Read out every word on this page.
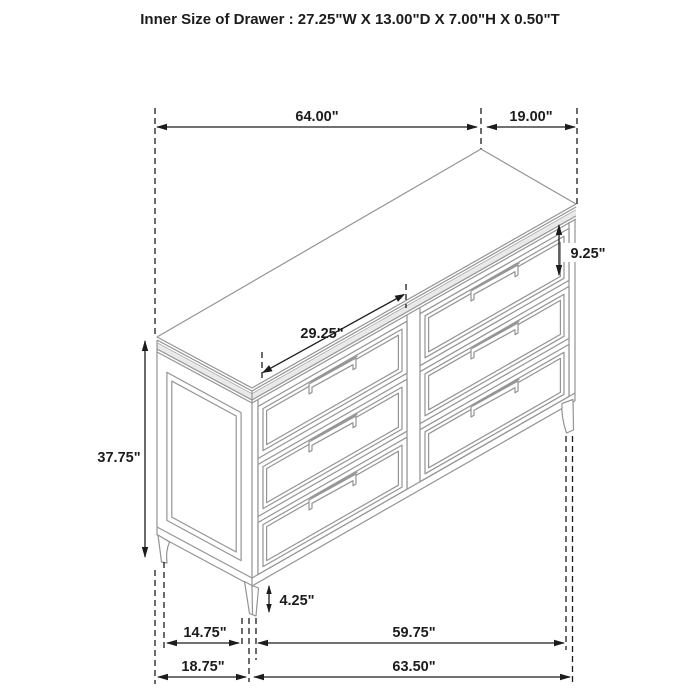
Inner Size of Drawer : 27.25"W X 13.00"D X 7.00"H X 0.50"T
64.00"	19.00"
9.25"
29.25"
37.75"
4.25"
14.75"	59.75"
18.75"	63.50"
